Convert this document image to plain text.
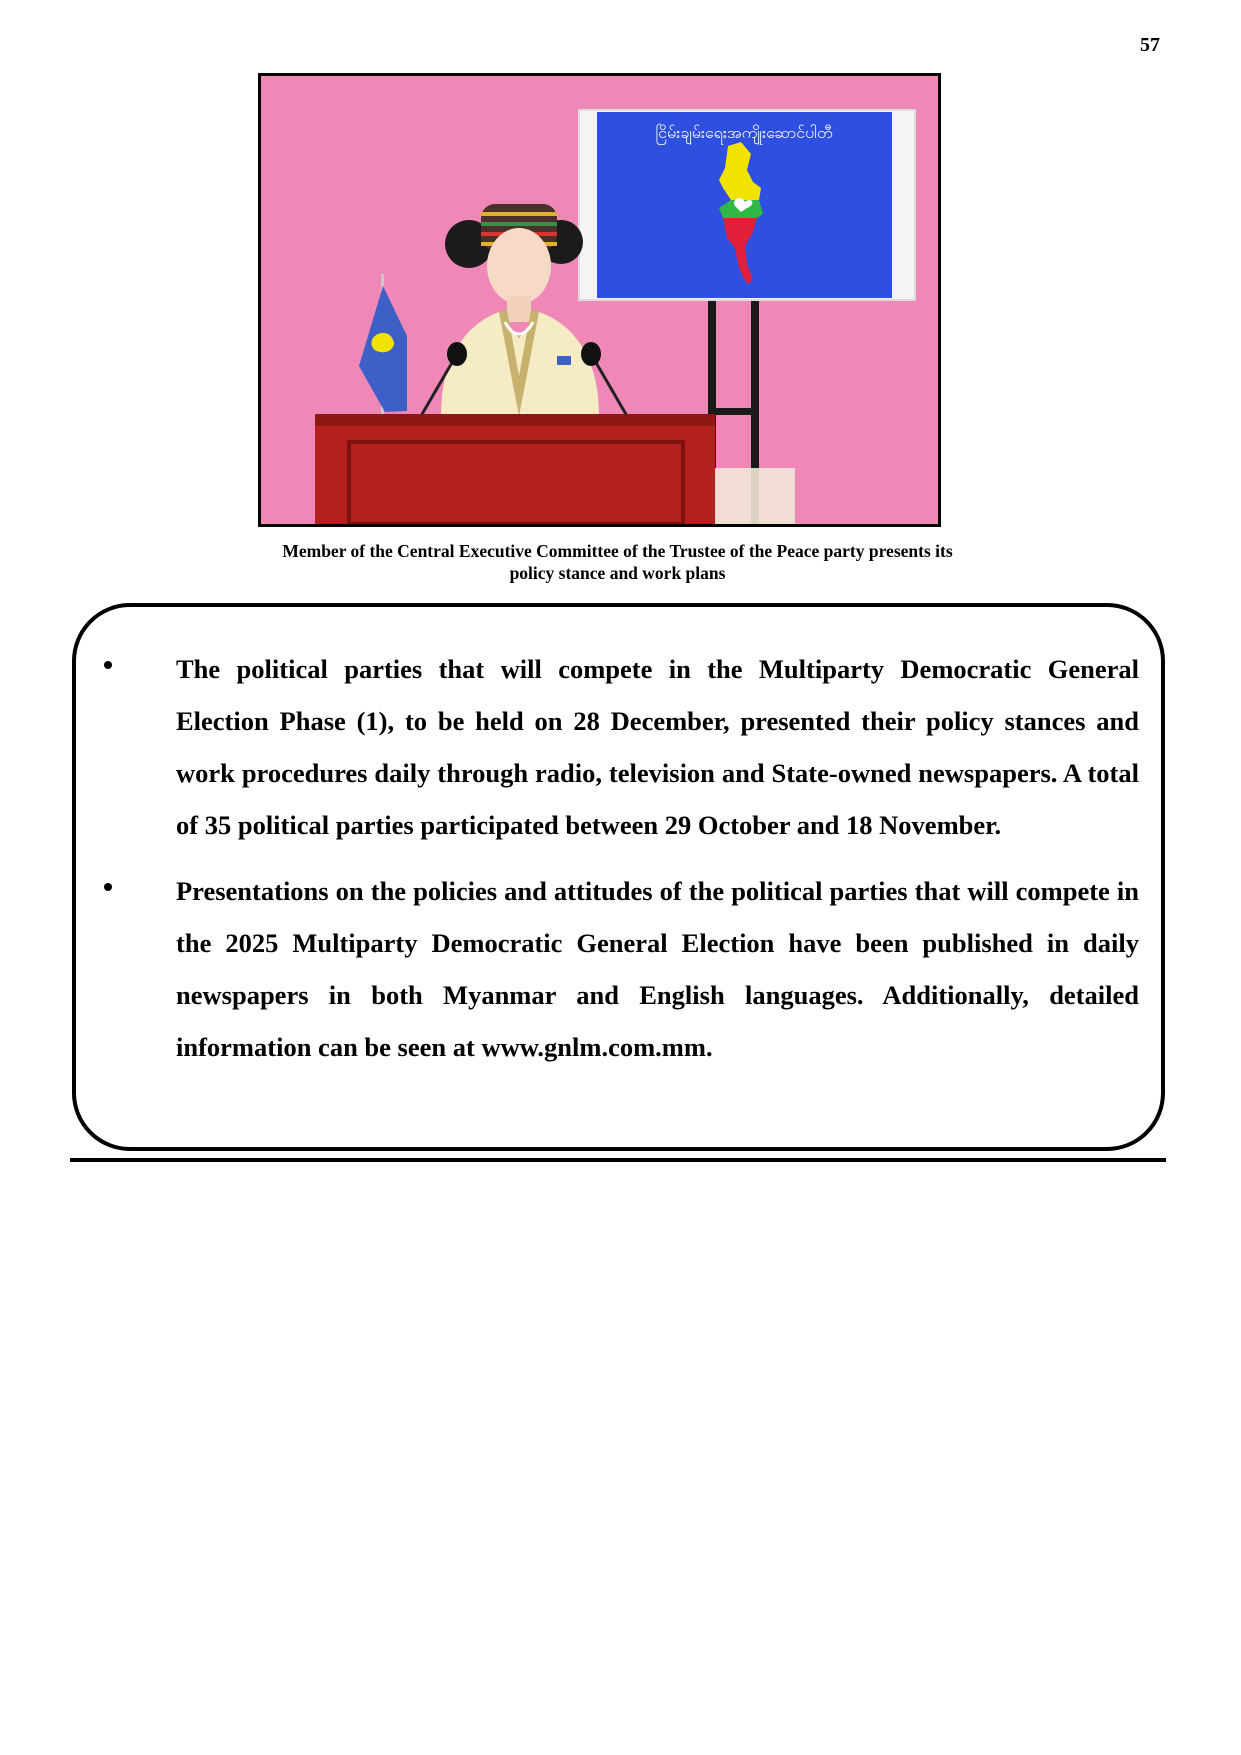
57
ငြိမ်းချမ်းရေးအကျိုးဆောင်ပါတီ
Member of the Central Executive Committee of the Trustee of the Peace party presents its
policy stance and work plans
The political parties that will compete in the Multiparty Democratic General Election Phase (1), to be held on 28 December, presented their policy stances and work procedures daily through radio, television and State-owned newspapers. A total of 35 political parties participated between 29 October and 18 November.
Presentations on the policies and attitudes of the political parties that will compete in the 2025 Multiparty Democratic General Election have been published in daily newspapers in both Myanmar and English languages. Additionally, detailed information can be seen at www.gnlm.com.mm.
